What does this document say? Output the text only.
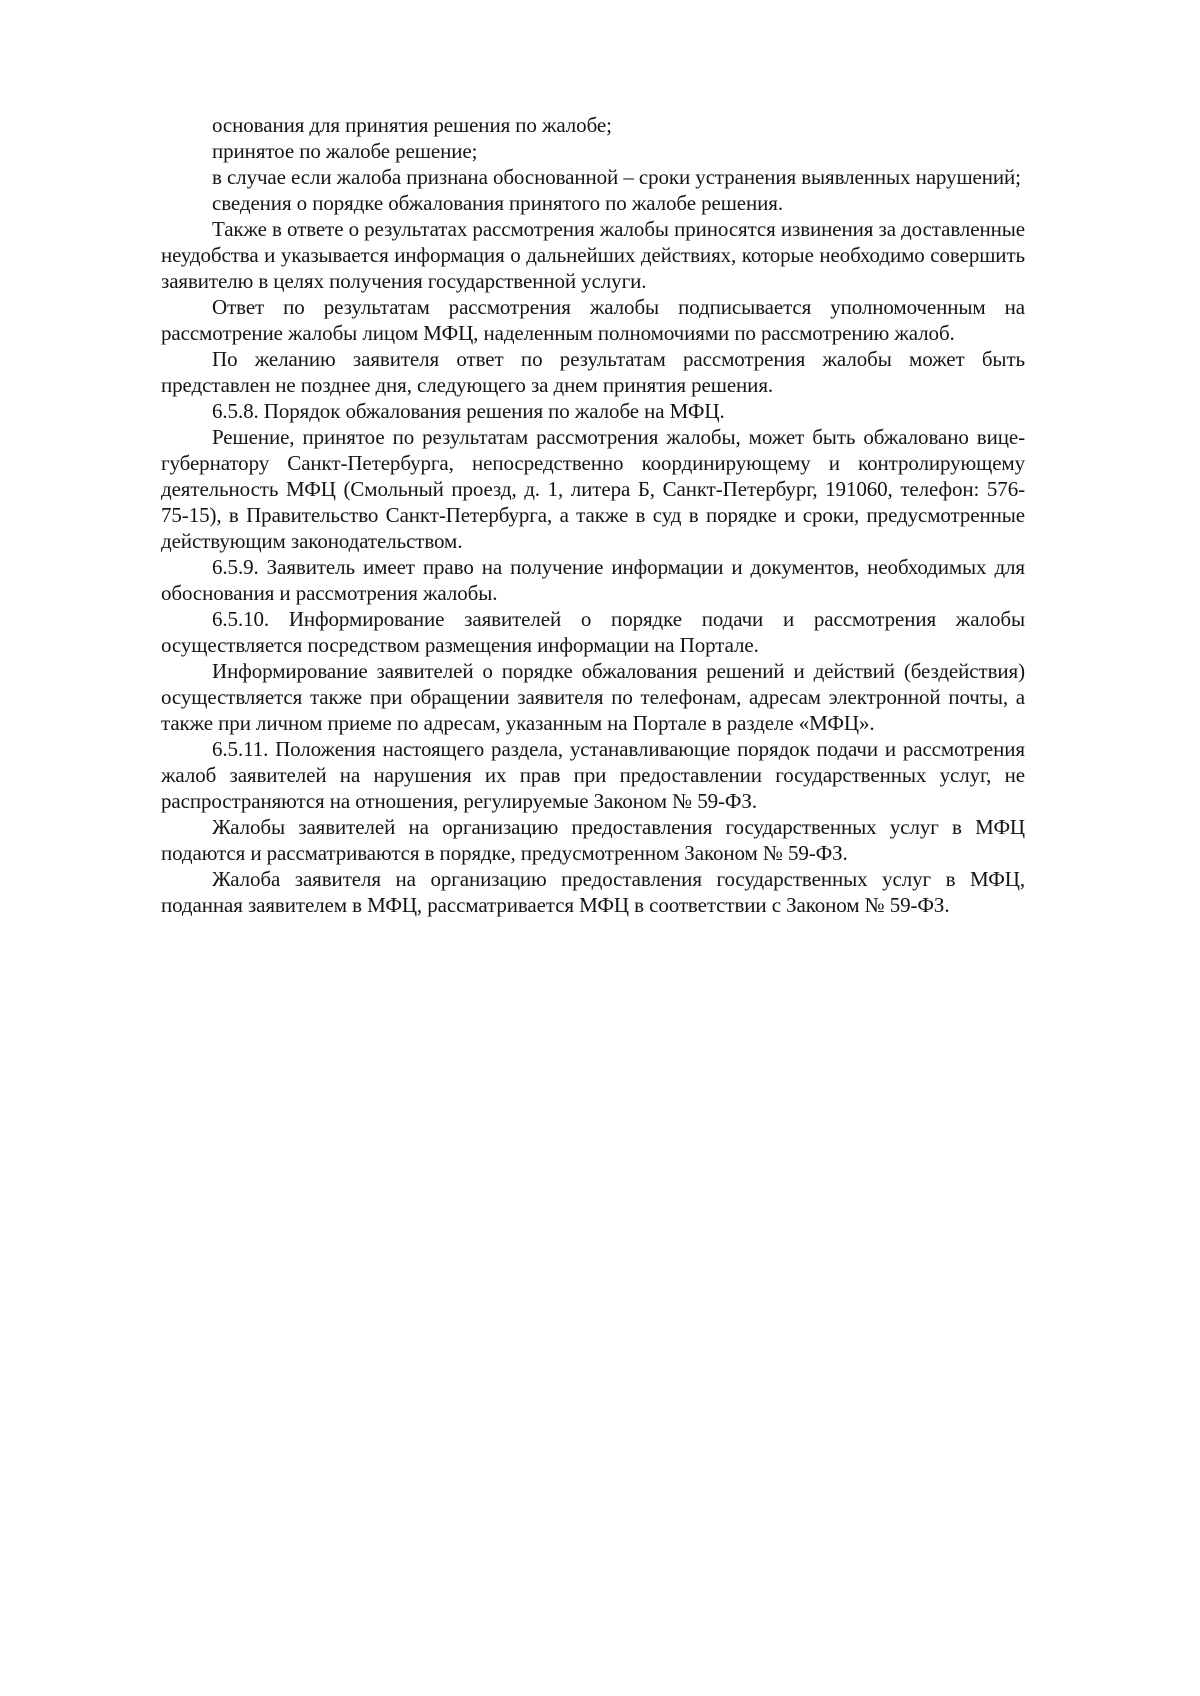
основания для принятия решения по жалобе;

принятое по жалобе решение;

в случае если жалоба признана обоснованной – сроки устранения выявленных нарушений;

сведения о порядке обжалования принятого по жалобе решения.

Также в ответе о результатах рассмотрения жалобы приносятся извинения за доставленные неудобства и указывается информация о дальнейших действиях, которые необходимо совершить заявителю в целях получения государственной услуги.

Ответ по результатам рассмотрения жалобы подписывается уполномоченным на рассмотрение жалобы лицом МФЦ, наделенным полномочиями по рассмотрению жалоб.

По желанию заявителя ответ по результатам рассмотрения жалобы может быть представлен не позднее дня, следующего за днем принятия решения.

6.5.8. Порядок обжалования решения по жалобе на МФЦ.

Решение, принятое по результатам рассмотрения жалобы, может быть обжаловано вице-губернатору Санкт-Петербурга, непосредственно координирующему и контролирующему деятельность МФЦ (Смольный проезд, д. 1, литера Б, Санкт-Петербург, 191060, телефон: 576-75-15), в Правительство Санкт-Петербурга, а также в суд в порядке и сроки, предусмотренные действующим законодательством.

6.5.9. Заявитель имеет право на получение информации и документов, необходимых для обоснования и рассмотрения жалобы.

6.5.10. Информирование заявителей о порядке подачи и рассмотрения жалобы осуществляется посредством размещения информации на Портале.

Информирование заявителей о порядке обжалования решений и действий (бездействия) осуществляется также при обращении заявителя по телефонам, адресам электронной почты, а также при личном приеме по адресам, указанным на Портале в разделе «МФЦ».

6.5.11. Положения настоящего раздела, устанавливающие порядок подачи и рассмотрения жалоб заявителей на нарушения их прав при предоставлении государственных услуг, не распространяются на отношения, регулируемые Законом № 59-ФЗ.

Жалобы заявителей на организацию предоставления государственных услуг в МФЦ подаются и рассматриваются в порядке, предусмотренном Законом № 59-ФЗ.

Жалоба заявителя на организацию предоставления государственных услуг в МФЦ, поданная заявителем в МФЦ, рассматривается МФЦ в соответствии с Законом № 59-ФЗ.
